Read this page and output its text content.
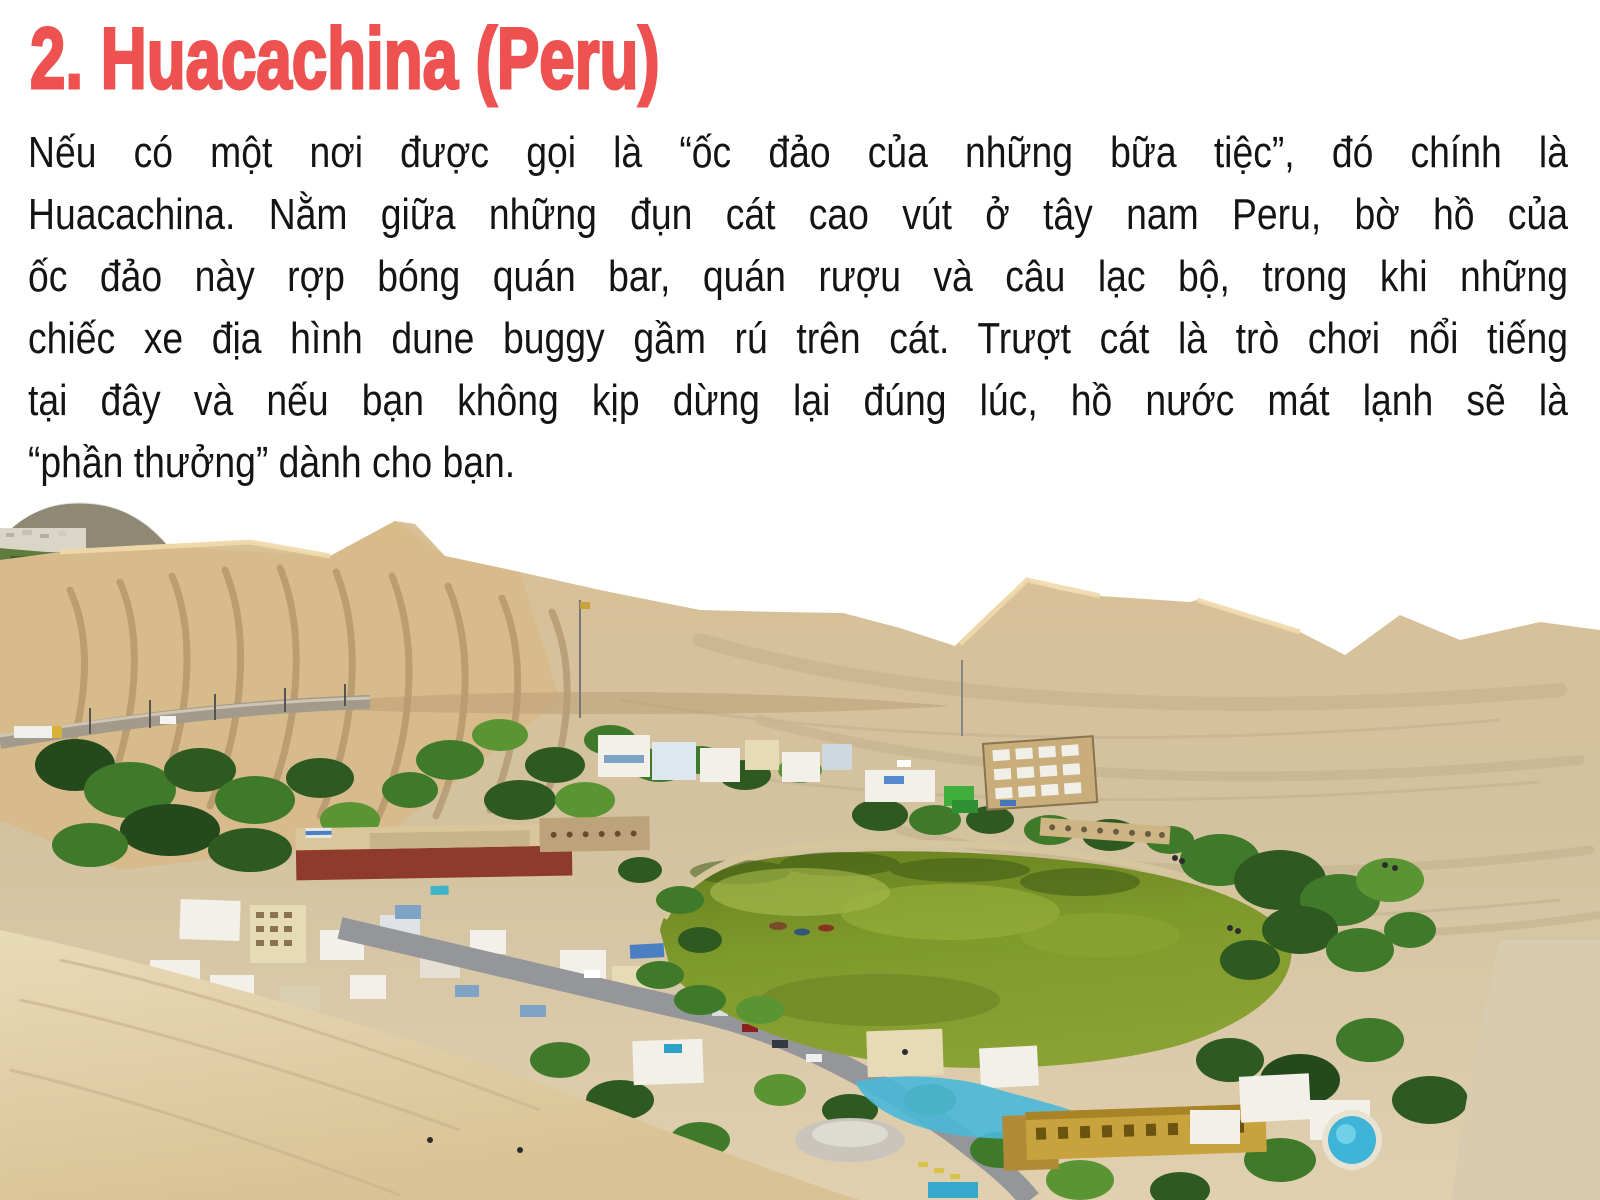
2. Huacachina (Peru)
Nếu có một nơi được gọi là “ốc đảo của những bữa tiệc”, đó chính là
Huacachina. Nằm giữa những đụn cát cao vút ở tây nam Peru, bờ hồ của
ốc đảo này rợp bóng quán bar, quán rượu và câu lạc bộ, trong khi những
chiếc xe địa hình dune buggy gầm rú trên cát. Trượt cát là trò chơi nổi tiếng
tại đây và nếu bạn không kịp dừng lại đúng lúc, hồ nước mát lạnh sẽ là
“phần thưởng” dành cho bạn.
